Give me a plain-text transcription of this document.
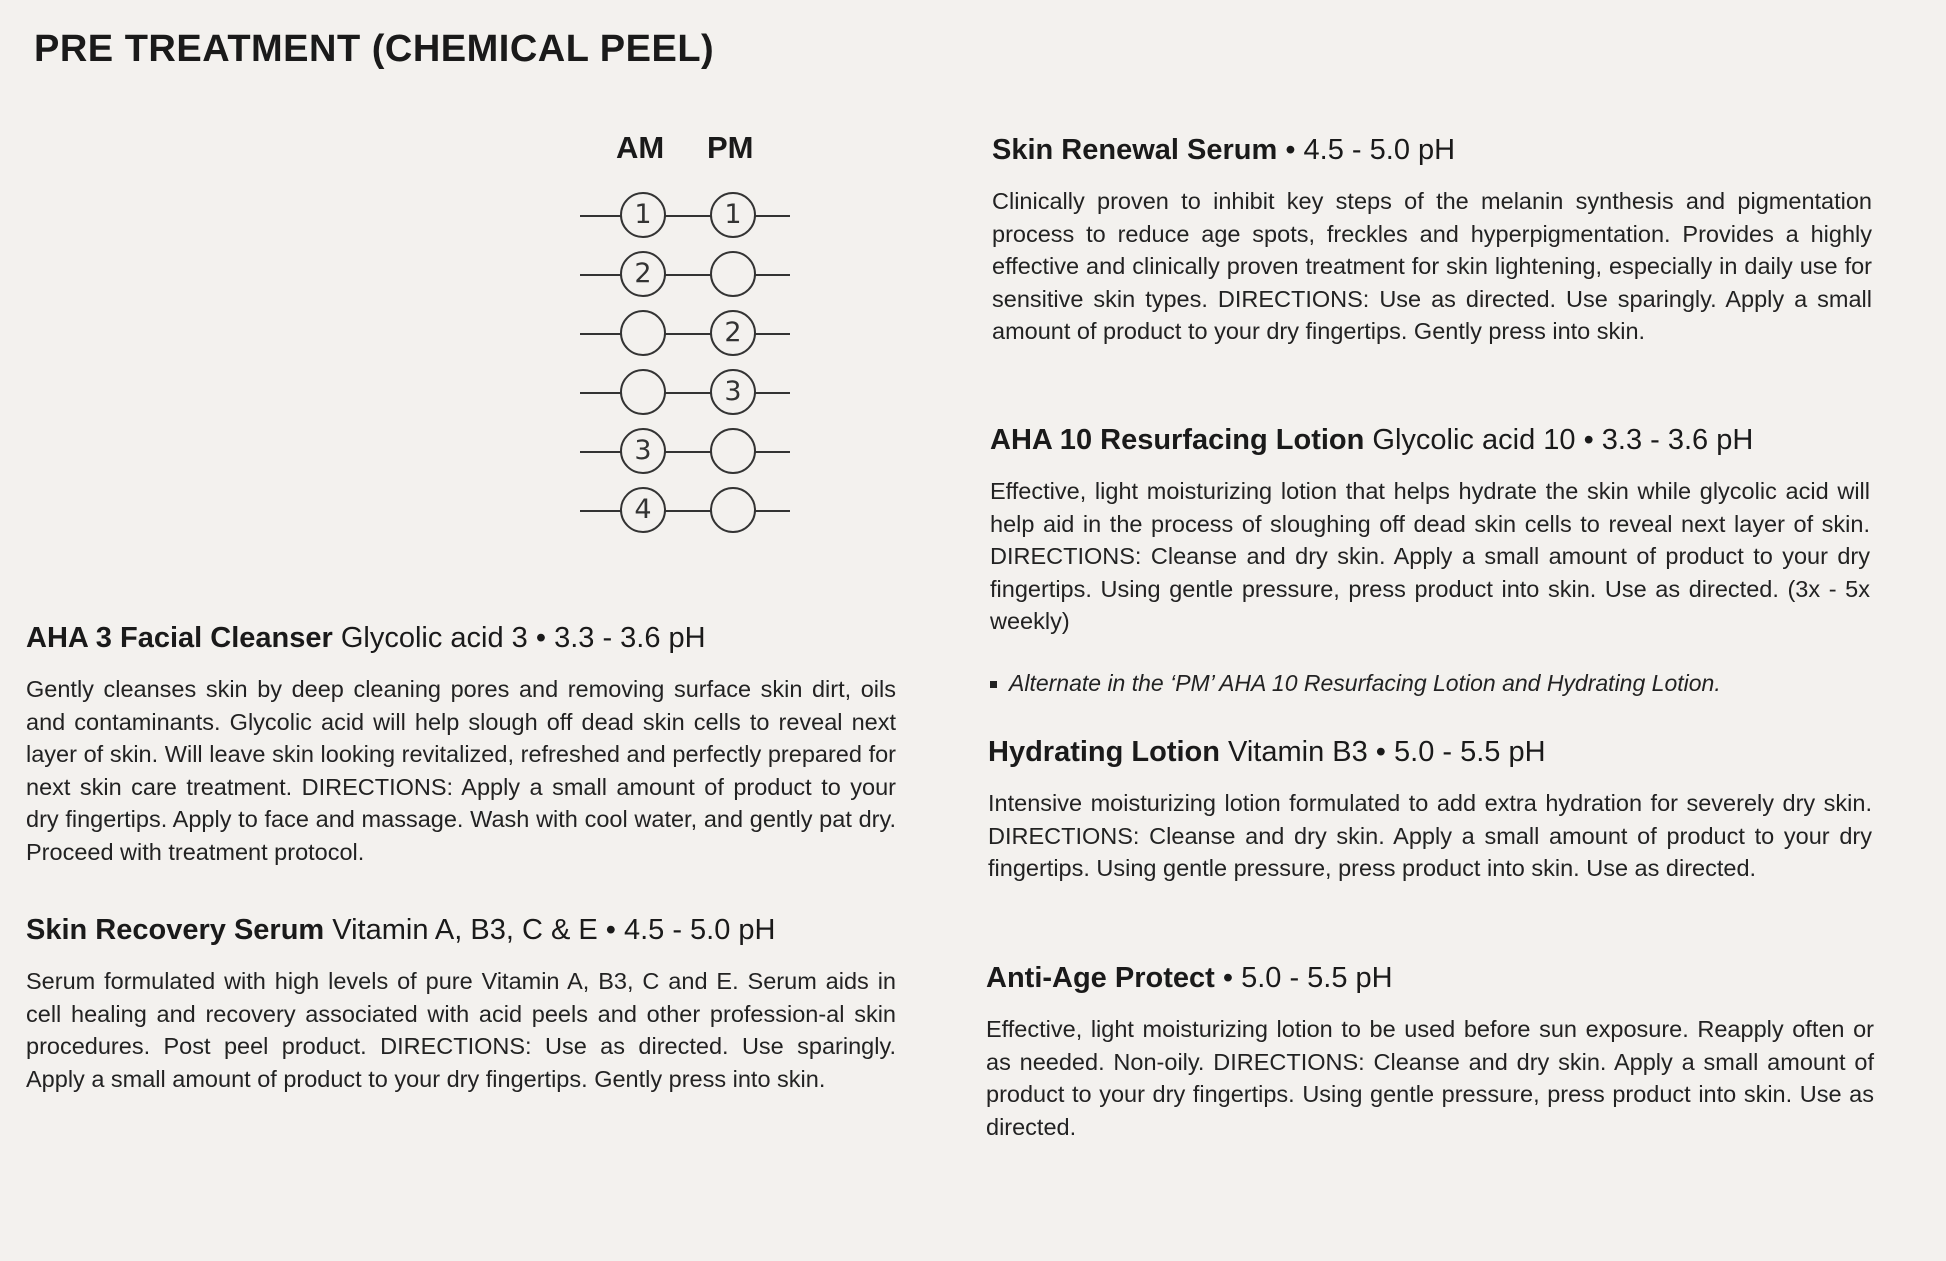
PRE TREATMENT (CHEMICAL PEEL)
AM PM
1	1
2
2
3
3
4
AHA 3 Facial Cleanser Glycolic acid 3 • 3.3 - 3.6 pH

Gently cleanses skin by deep cleaning pores and removing surface skin dirt, oils and contaminants. Glycolic acid will help slough off dead skin cells to reveal next layer of skin. Will leave skin looking revitalized, refreshed and perfectly prepared for next skin care treatment. DIRECTIONS: Apply a small amount of product to your dry fingertips. Apply to face and massage. Wash with cool water, and gently pat dry. Proceed with treatment protocol.

Skin Recovery Serum Vitamin A, B3, C & E • 4.5 - 5.0 pH

Serum formulated with high levels of pure Vitamin A, B3, C and E. Serum aids in cell healing and recovery associated with acid peels and other profession-al skin procedures. Post peel product. DIRECTIONS: Use as directed. Use sparingly. Apply a small amount of product to your dry fingertips. Gently press into skin.

Skin Renewal Serum • 4.5 - 5.0 pH

Clinically proven to inhibit key steps of the melanin synthesis and pigmentation process to reduce age spots, freckles and hyperpigmentation. Provides a highly effective and clinically proven treatment for skin lightening, especially in daily use for sensitive skin types. DIRECTIONS: Use as directed. Use sparingly. Apply a small amount of product to your dry fingertips. Gently press into skin.

AHA 10 Resurfacing Lotion Glycolic acid 10 • 3.3 - 3.6 pH

Effective, light moisturizing lotion that helps hydrate the skin while glycolic acid will help aid in the process of sloughing off dead skin cells to reveal next layer of skin. DIRECTIONS: Cleanse and dry skin. Apply a small amount of product to your dry fingertips. Using gentle pressure, press product into skin. Use as directed. (3x - 5x weekly)

Alternate in the ‘PM’ AHA 10 Resurfacing Lotion and Hydrating Lotion.
Hydrating Lotion Vitamin B3 • 5.0 - 5.5 pH

Intensive moisturizing lotion formulated to add extra hydration for severely dry skin. DIRECTIONS: Cleanse and dry skin. Apply a small amount of product to your dry fingertips. Using gentle pressure, press product into skin. Use as directed.

Anti-Age Protect • 5.0 - 5.5 pH

Effective, light moisturizing lotion to be used before sun exposure. Reapply often or as needed. Non-oily. DIRECTIONS: Cleanse and dry skin. Apply a small amount of product to your dry fingertips. Using gentle pressure, press product into skin. Use as directed.
